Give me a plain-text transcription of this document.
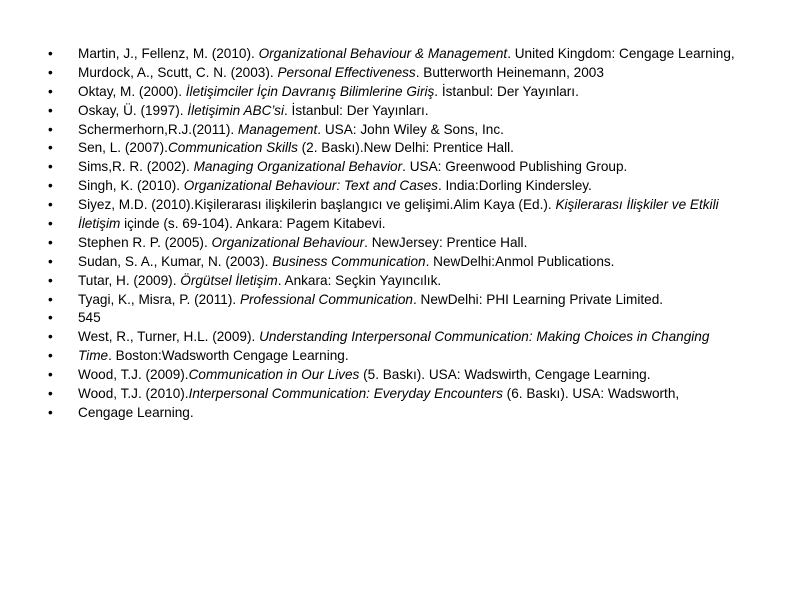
• Martin, J., Fellenz, M. (2010). Organizational Behaviour & Management. United Kingdom: Cengage Learning,
• Murdock, A., Scutt, C. N. (2003). Personal Effectiveness. Butterworth Heinemann, 2003
• Oktay, M. (2000). İletişimciler İçin Davranış Bilimlerine Giriş. İstanbul: Der Yayınları.
• Oskay, Ü. (1997). İletişimin ABC’si. İstanbul: Der Yayınları.
• Schermerhorn,R.J.(2011). Management. USA: John Wiley & Sons, Inc.
• Sen, L. (2007).Communication Skills (2. Baskı).New Delhi: Prentice Hall.
• Sims,R. R. (2002). Managing Organizational Behavior. USA: Greenwood Publishing Group.
• Singh, K. (2010). Organizational Behaviour: Text and Cases. India:Dorling Kindersley.
• Siyez, M.D. (2010).Kişilerarası ilişkilerin başlangıcı ve gelişimi.Alim Kaya (Ed.). Kişilerarası İlişkiler ve Etkili
• İletişim içinde (s. 69-104). Ankara: Pagem Kitabevi.
• Stephen R. P. (2005). Organizational Behaviour. NewJersey: Prentice Hall.
• Sudan, S. A., Kumar, N. (2003). Business Communication. NewDelhi:Anmol Publications.
• Tutar, H. (2009). Örgütsel İletişim. Ankara: Seçkin Yayıncılık.
• Tyagi, K., Misra, P. (2011). Professional Communication. NewDelhi: PHI Learning Private Limited.
• 545
• West, R., Turner, H.L. (2009). Understanding Interpersonal Communication: Making Choices in Changing
• Time. Boston:Wadsworth Cengage Learning.
• Wood, T.J. (2009).Communication in Our Lives (5. Baskı). USA: Wadswirth, Cengage Learning.
• Wood, T.J. (2010).Interpersonal Communication: Everyday Encounters (6. Baskı). USA: Wadsworth,
• Cengage Learning.
